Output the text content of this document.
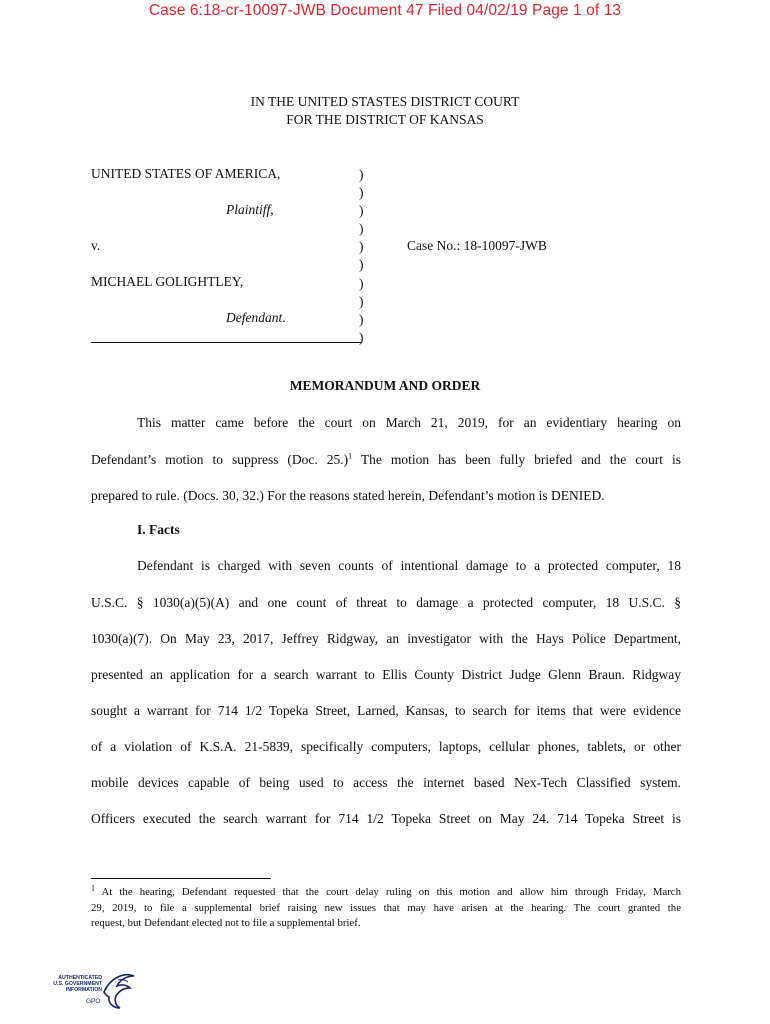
Case 6:18-cr-10097-JWB Document 47 Filed 04/02/19 Page 1 of 13
IN THE UNITED STASTES DISTRICT COURT
FOR THE DISTRICT OF KANSAS
UNITED STATES OF AMERICA,
Plaintiff,
v.
MICHAEL GOLIGHTLEY,
Defendant.
Case No.: 18-10097-JWB
)
)
)
)
)
)
)
)
)
)
MEMORANDUM AND ORDER
This matter came before the court on March 21, 2019, for an evidentiary hearing on
Defendant’s motion to suppress (Doc. 25.)$^1$ The motion has been fully briefed and the court is
prepared to rule. (Docs. 30, 32.) For the reasons stated herein, Defendant’s motion is DENIED.
I. Facts
Defendant is charged with seven counts of intentional damage to a protected computer, 18
U.S.C. § 1030(a)(5)(A) and one count of threat to damage a protected computer, 18 U.S.C. §
1030(a)(7). On May 23, 2017, Jeffrey Ridgway, an investigator with the Hays Police Department,
presented an application for a search warrant to Ellis County District Judge Glenn Braun. Ridgway
sought a warrant for 714 1/2 Topeka Street, Larned, Kansas, to search for items that were evidence
of a violation of K.S.A. 21-5839, specifically computers, laptops, cellular phones, tablets, or other
mobile devices capable of being used to access the internet based Nex-Tech Classified system.
Officers executed the search warrant for 714 1/2 Topeka Street on May 24. 714 Topeka Street is
$^1$ At the hearing, Defendant requested that the court delay ruling on this motion and allow him through Friday, March
29, 2019, to file a supplemental brief raising new issues that may have arisen at the hearing. The court granted the
request, but Defendant elected not to file a supplemental brief.
AUTHENTICATED
U.S. GOVERNMENT
INFORMATION
GPO
